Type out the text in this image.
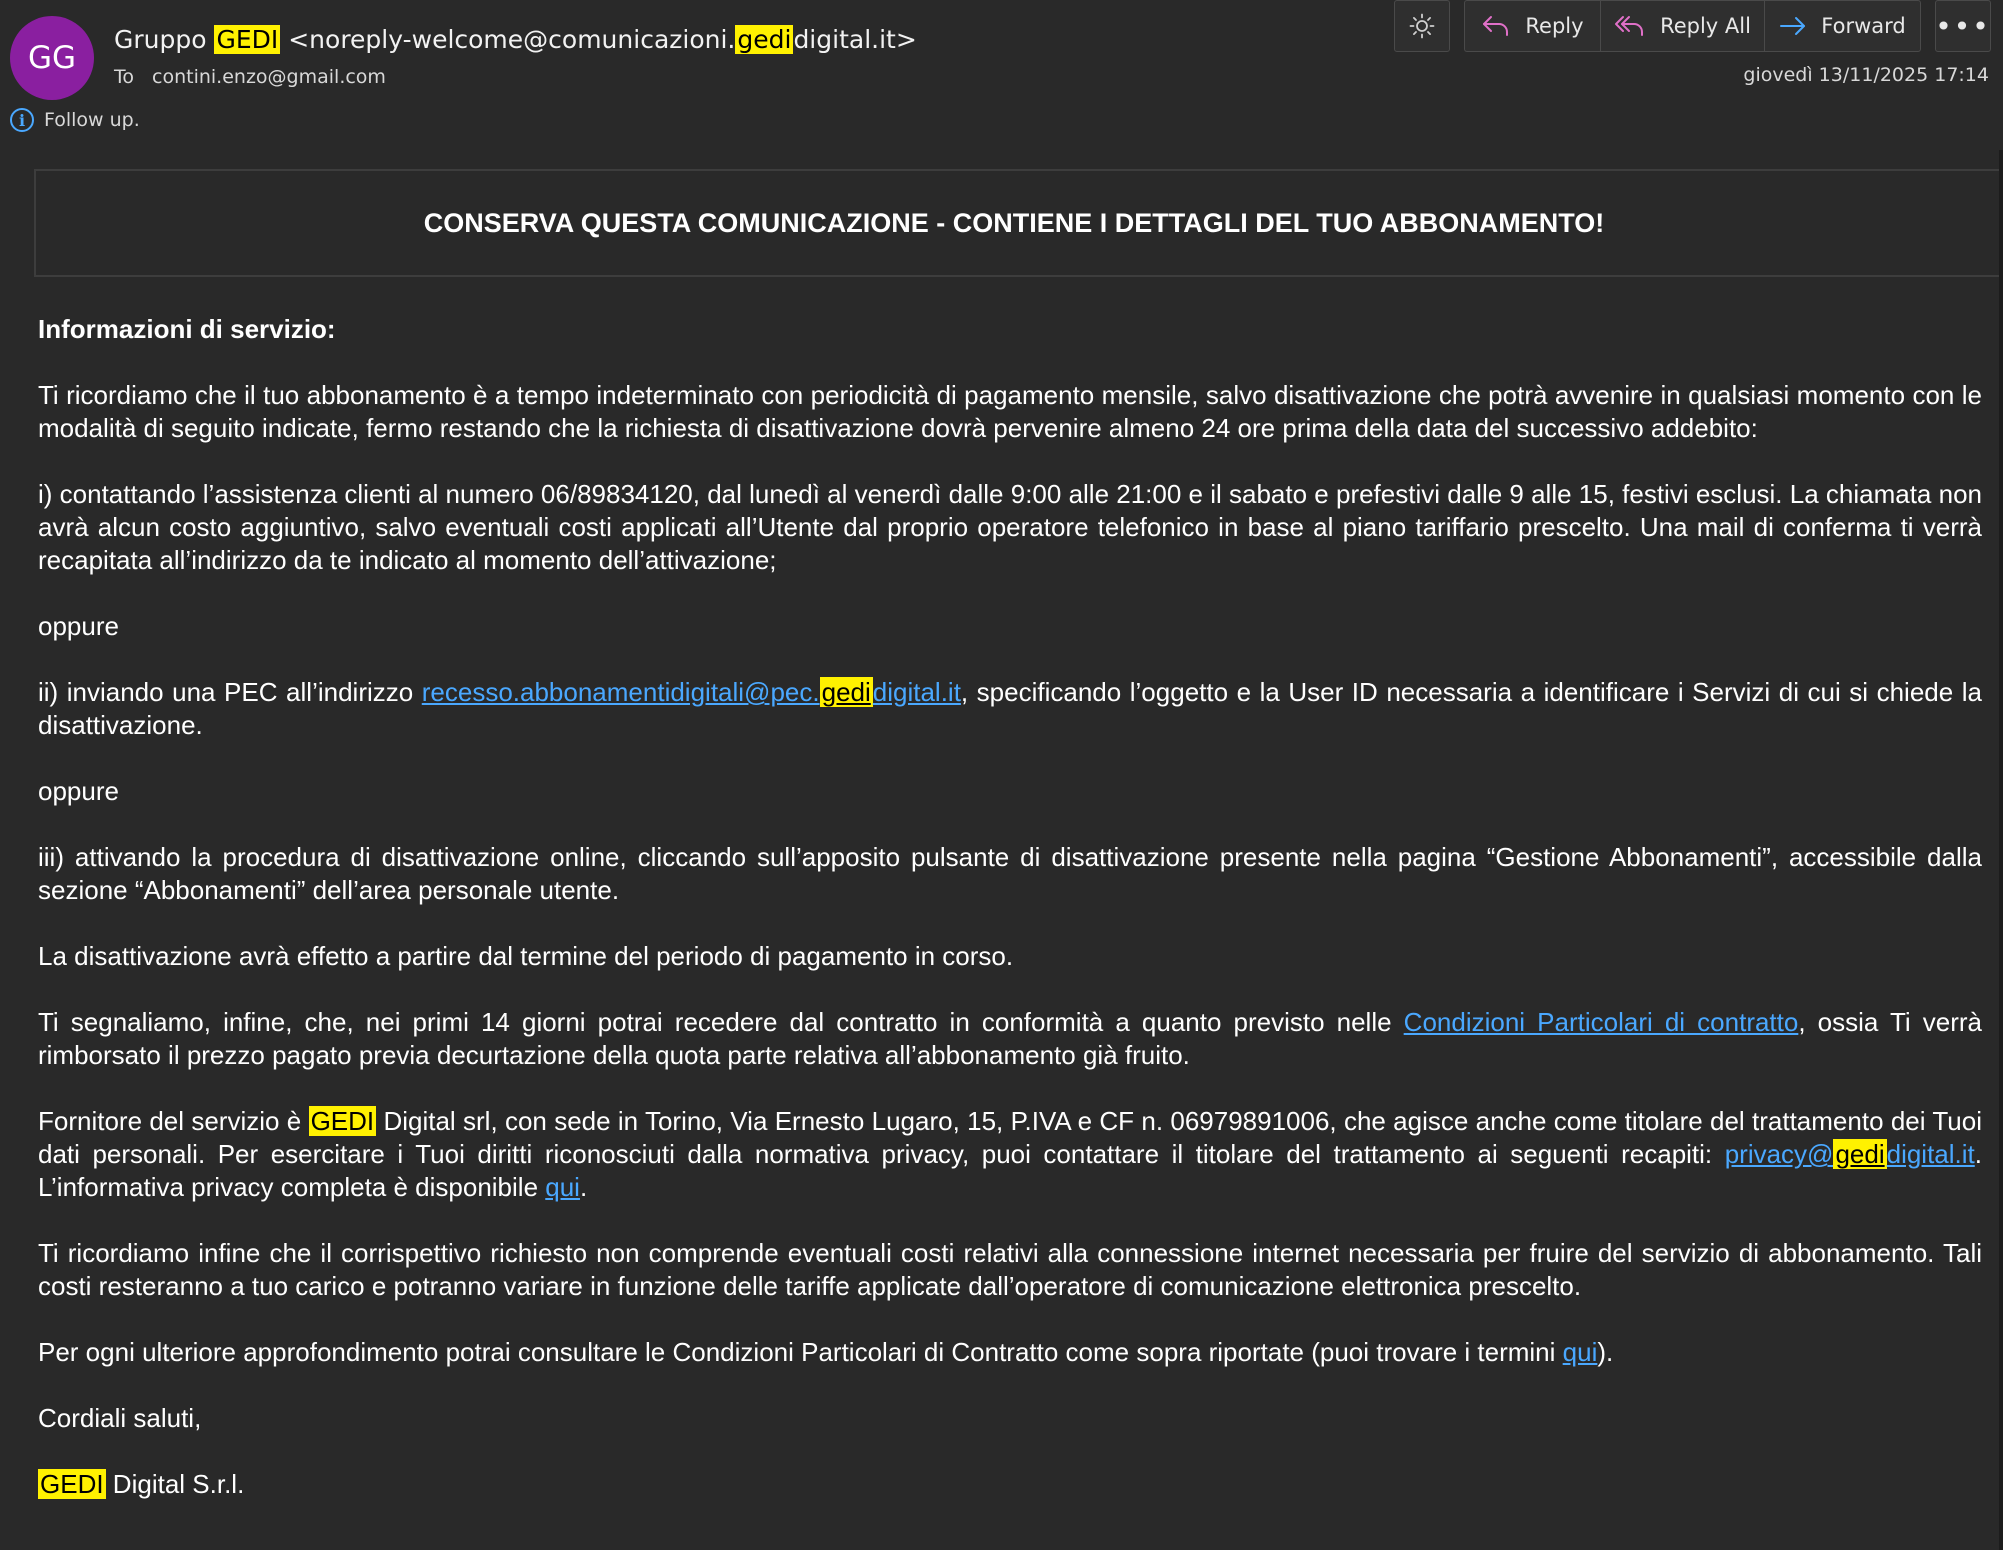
GG
Gruppo GEDI <noreply-welcome@comunicazioni.gedidigital.it>
To contini.enzo@gmail.com
i Follow up.
Reply	Reply All	Forward •••
giovedì 13/11/2025 17:14
CONSERVA QUESTA COMUNICAZIONE - CONTIENE I DETTAGLI DEL TUO ABBONAMENTO!

Informazioni di servizio:

Ti ricordiamo che il tuo abbonamento è a tempo indeterminato con periodicità di pagamento mensile, salvo disattivazione che potrà avvenire in qualsiasi momento con le modalità di seguito indicate, fermo restando che la richiesta di disattivazione dovrà pervenire almeno 24 ore prima della data del successivo addebito:

i) contattando l’assistenza clienti al numero 06/89834120, dal lunedì al venerdì dalle 9:00 alle 21:00 e il sabato e prefestivi dalle 9 alle 15, festivi esclusi. La chiamata non avrà alcun costo aggiuntivo, salvo eventuali costi applicati all’Utente dal proprio operatore telefonico in base al piano tariffario prescelto. Una mail di conferma ti verrà recapitata all’indirizzo da te indicato al momento dell’attivazione;

oppure

ii) inviando una PEC all’indirizzo recesso.abbonamentidigitali@pec.gedidigital.it, specificando l’oggetto e la User ID necessaria a identificare i Servizi di cui si chiede la disattivazione.

oppure

iii) attivando la procedura di disattivazione online, cliccando sull’apposito pulsante di disattivazione presente nella pagina “Gestione Abbonamenti”, accessibile dalla sezione “Abbonamenti” dell’area personale utente.

La disattivazione avrà effetto a partire dal termine del periodo di pagamento in corso.

Ti segnaliamo, infine, che, nei primi 14 giorni potrai recedere dal contratto in conformità a quanto previsto nelle Condizioni Particolari di contratto, ossia Ti verrà rimborsato il prezzo pagato previa decurtazione della quota parte relativa all’abbonamento già fruito.

Fornitore del servizio è GEDI Digital srl, con sede in Torino, Via Ernesto Lugaro, 15, P.IVA e CF n. 06979891006, che agisce anche come titolare del trattamento dei Tuoi dati personali. Per esercitare i Tuoi diritti riconosciuti dalla normativa privacy, puoi contattare il titolare del trattamento ai seguenti recapiti: privacy@gedidigital.it. L’informativa privacy completa è disponibile qui.

Ti ricordiamo infine che il corrispettivo richiesto non comprende eventuali costi relativi alla connessione internet necessaria per fruire del servizio di abbonamento. Tali costi resteranno a tuo carico e potranno variare in funzione delle tariffe applicate dall’operatore di comunicazione elettronica prescelto.

Per ogni ulteriore approfondimento potrai consultare le Condizioni Particolari di Contratto come sopra riportate (puoi trovare i termini qui).

Cordiali saluti,

GEDI Digital S.r.l.
